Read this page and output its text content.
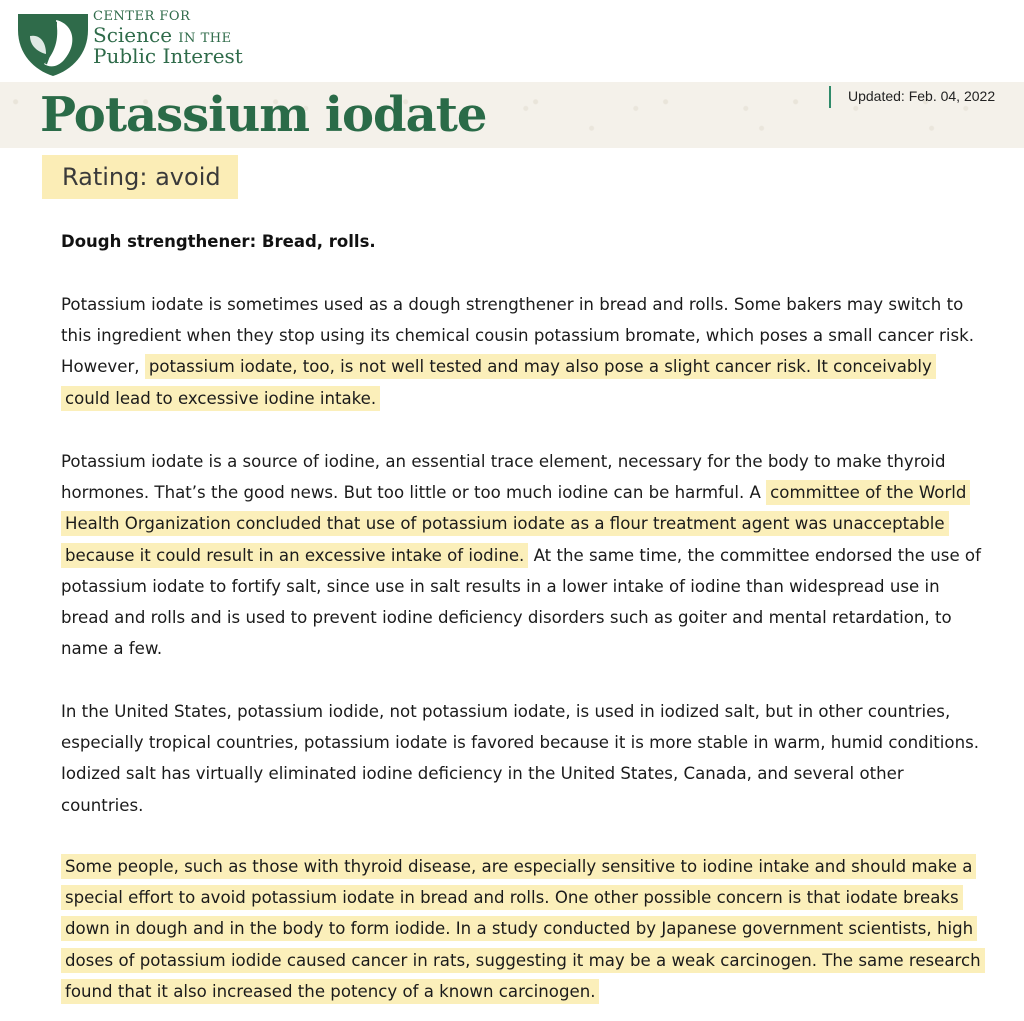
CENTER FOR
Science IN THE
Public Interest
Potassium iodate	Updated: Feb. 04, 2022
Rating: avoid
Dough strengthener: Bread, rolls.

Potassium iodate is sometimes used as a dough strengthener in bread and rolls. Some bakers may switch to this ingredient when they stop using its chemical cousin potassium bromate, which poses a small cancer risk. However, potassium iodate, too, is not well tested and may also pose a slight cancer risk. It conceivably could lead to excessive iodine intake.

Potassium iodate is a source of iodine, an essential trace element, necessary for the body to make thyroid hormones. That’s the good news. But too little or too much iodine can be harmful. A committee of the World Health Organization concluded that use of potassium iodate as a flour treatment agent was unacceptable because it could result in an excessive intake of iodine. At the same time, the committee endorsed the use of potassium iodate to fortify salt, since use in salt results in a lower intake of iodine than widespread use in bread and rolls and is used to prevent iodine deficiency disorders such as goiter and mental retardation, to name a few.

In the United States, potassium iodide, not potassium iodate, is used in iodized salt, but in other countries, especially tropical countries, potassium iodate is favored because it is more stable in warm, humid conditions. Iodized salt has virtually eliminated iodine deficiency in the United States, Canada, and several other countries.

Some people, such as those with thyroid disease, are especially sensitive to iodine intake and should make a special effort to avoid potassium iodate in bread and rolls. One other possible concern is that iodate breaks down in dough and in the body to form iodide. In a study conducted by Japanese government scientists, high doses of potassium iodide caused cancer in rats, suggesting it may be a weak carcinogen. The same research found that it also increased the potency of a known carcinogen.
